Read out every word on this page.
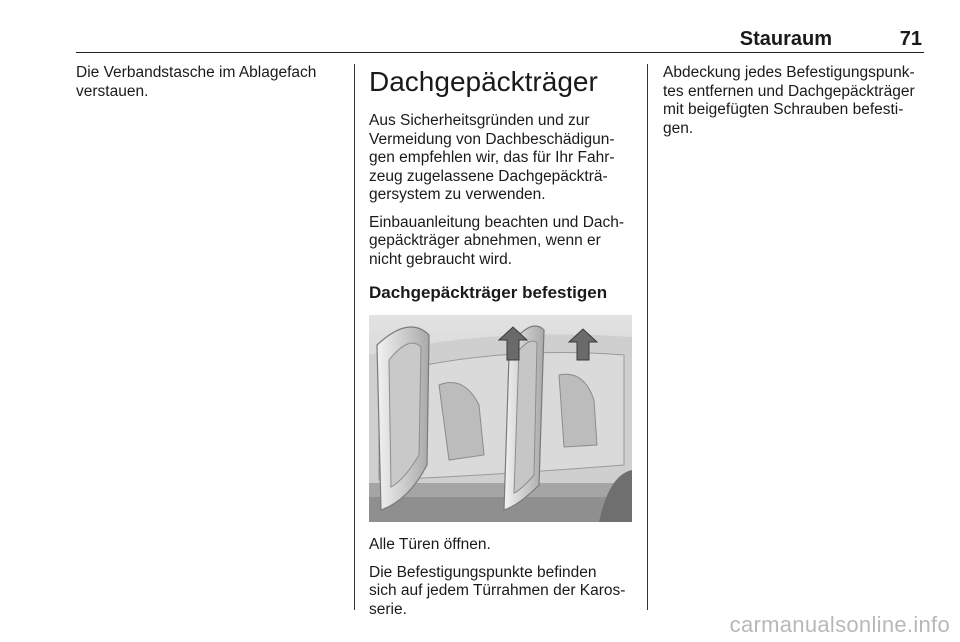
Stauraum	71

Die Verbandstasche im Ablagefach
verstauen.	Dachgepäckträger

Aus Sicherheitsgründen und zur
Vermeidung von Dachbeschädigun-
gen empfehlen wir, das für Ihr Fahr-
zeug zugelassene Dachgepäckträ-
gersystem zu verwenden.

Einbauanleitung beachten und Dach-
gepäckträger abnehmen, wenn er
nicht gebraucht wird.

Dachgepäckträger befestigen

Alle Türen öffnen.

Die Befestigungspunkte befinden
sich auf jedem Türrahmen der Karos-
serie.

Abdeckung jedes Befestigungspunk-
tes entfernen und Dachgepäckträger
mit beigefügten Schrauben befesti-
gen.

carmanualsonline.info
